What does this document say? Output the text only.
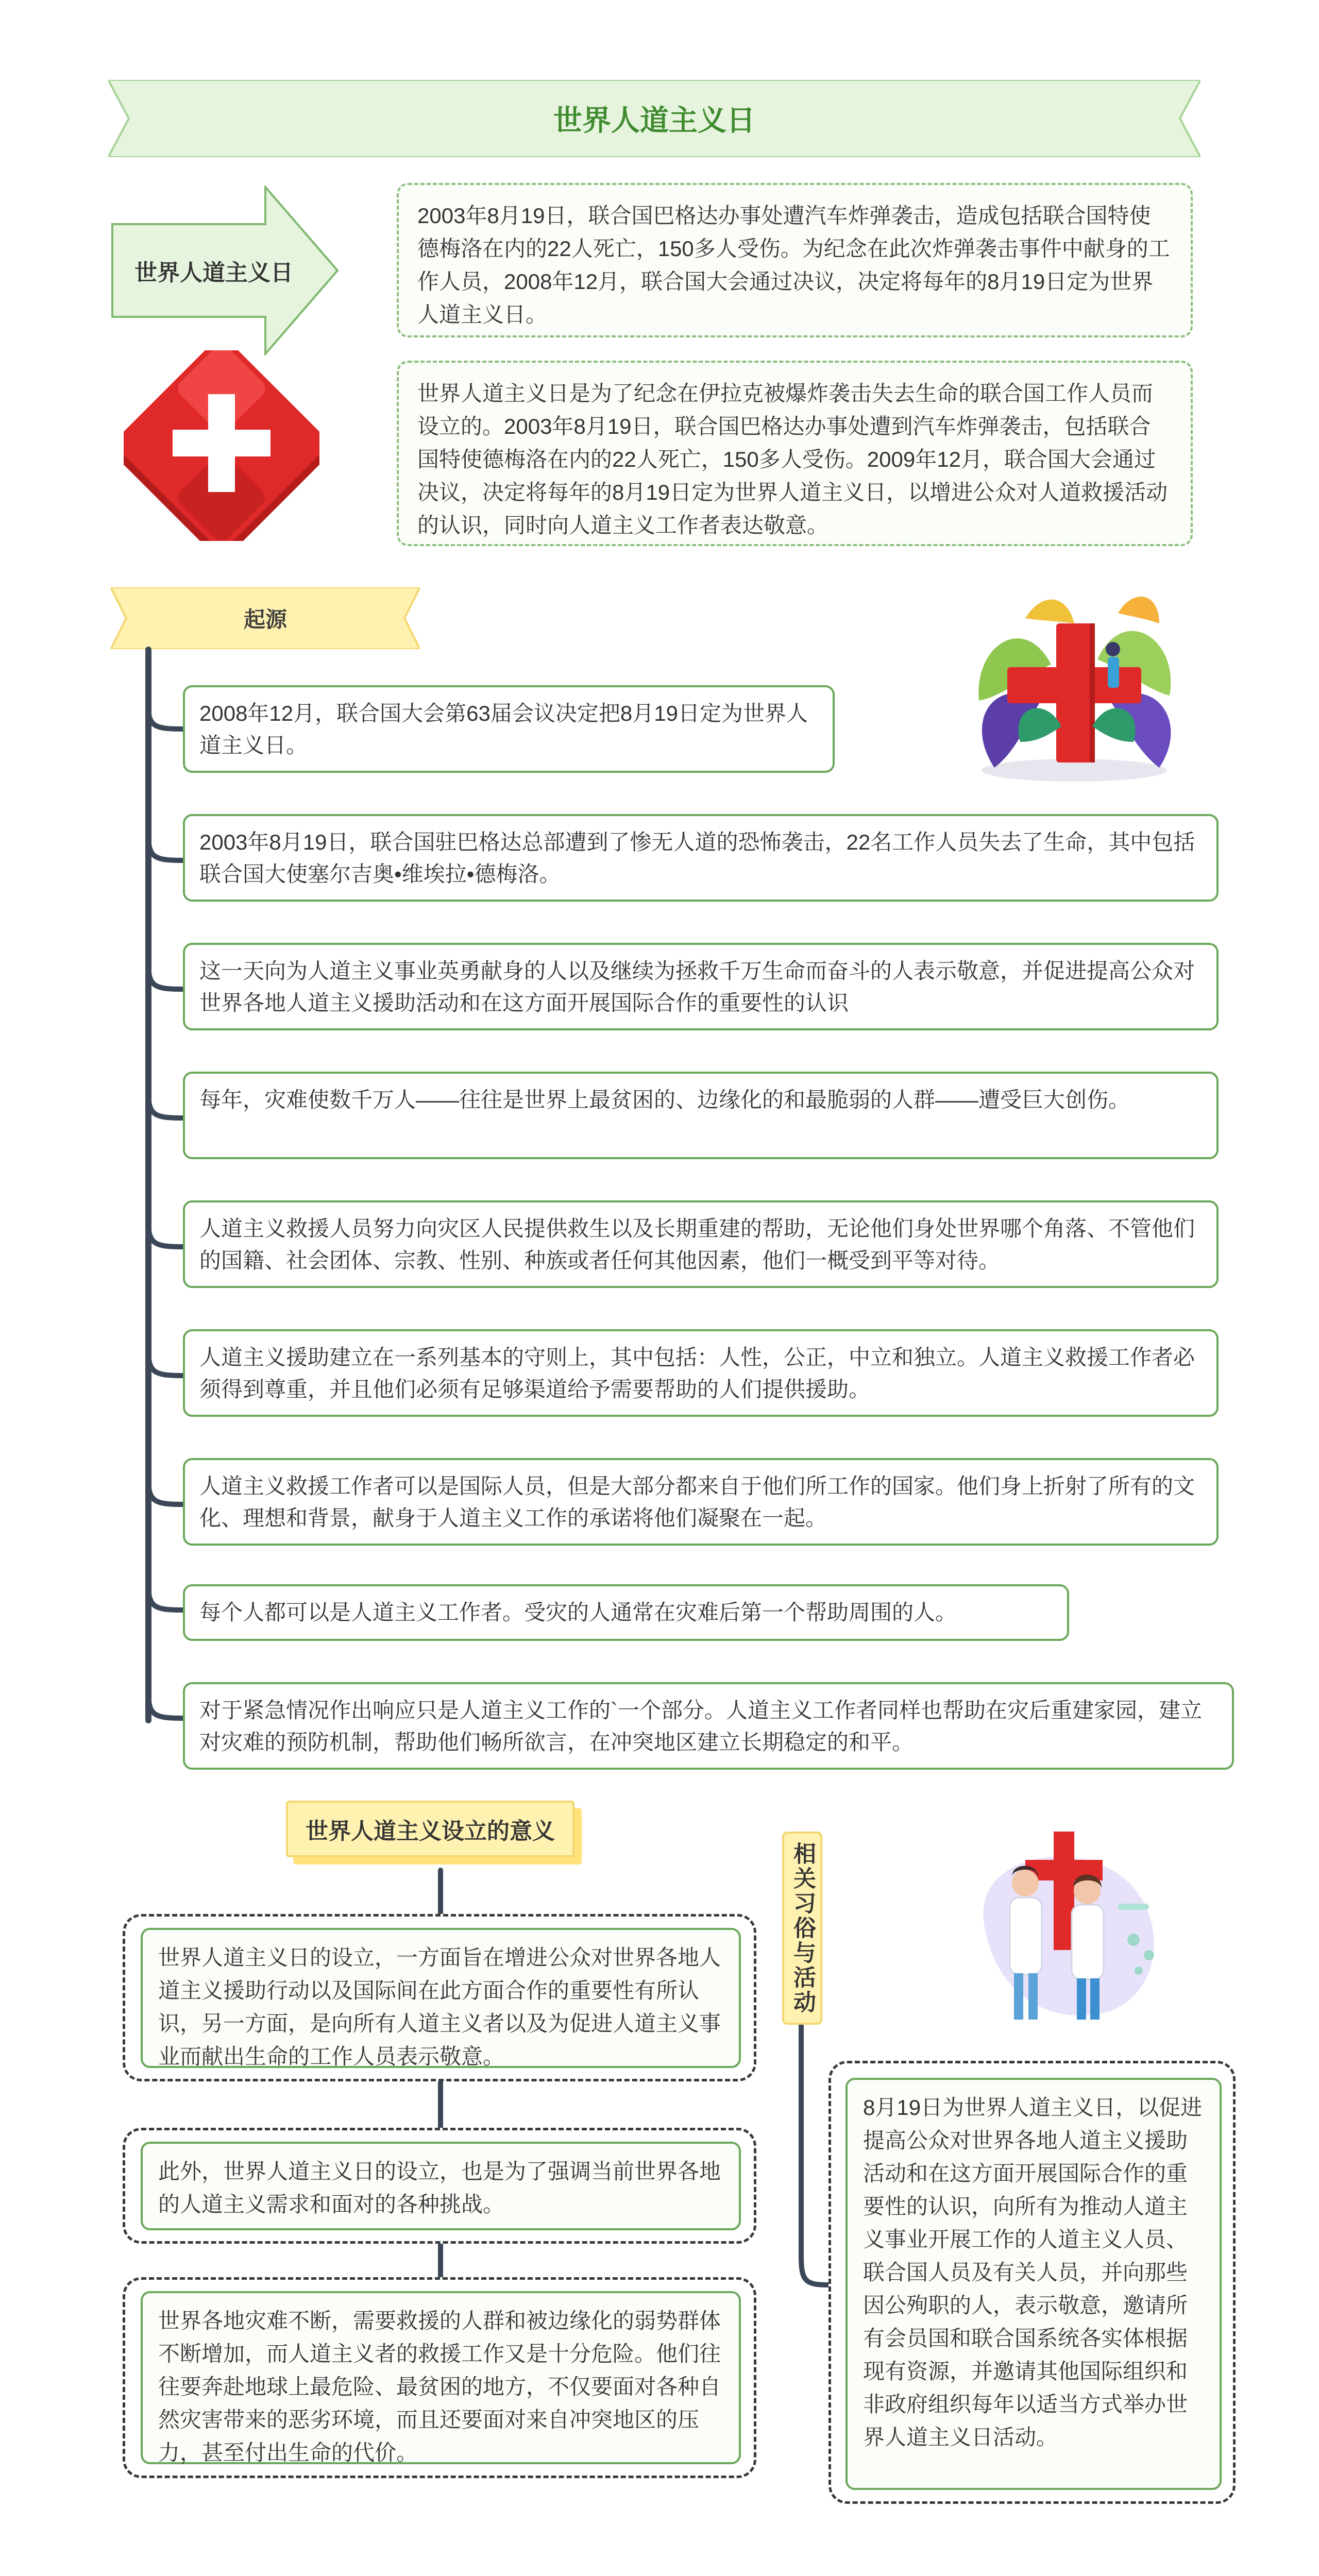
世界人道主义日
世界人道主义日
2003年8月19日，联合国巴格达办事处遭汽车炸弹袭击，造成包括联合国特使德梅洛在内的22人死亡，150多人受伤。为纪念在此次炸弹袭击事件中献身的工作人员，2008年12月，联合国大会通过决议，决定将每年的8月19日定为世界人道主义日。
世界人道主义日是为了纪念在伊拉克被爆炸袭击失去生命的联合国工作人员而设立的。2003年8月19日，联合国巴格达办事处遭到汽车炸弹袭击，包括联合国特使德梅洛在内的22人死亡，150多人受伤。2009年12月，联合国大会通过决议，决定将每年的8月19日定为世界人道主义日，以增进公众对人道救援活动的认识，同时向人道主义工作者表达敬意。
起源
2008年12月，联合国大会第63届会议决定把8月19日定为世界人道主义日。
2003年8月19日，联合国驻巴格达总部遭到了惨无人道的恐怖袭击，22名工作人员失去了生命，其中包括联合国大使塞尔吉奥•维埃拉•德梅洛。
这一天向为人道主义事业英勇献身的人以及继续为拯救千万生命而奋斗的人表示敬意，并促进提高公众对世界各地人道主义援助活动和在这方面开展国际合作的重要性的认识
每年，灾难使数千万人——往往是世界上最贫困的、边缘化的和最脆弱的人群——遭受巨大创伤。
人道主义救援人员努力向灾区人民提供救生以及长期重建的帮助，无论他们身处世界哪个角落、不管他们的国籍、社会团体、宗教、性别、种族或者任何其他因素，他们一概受到平等对待。
人道主义援助建立在一系列基本的守则上，其中包括：人性，公正，中立和独立。人道主义救援工作者必须得到尊重，并且他们必须有足够渠道给予需要帮助的人们提供援助。
人道主义救援工作者可以是国际人员，但是大部分都来自于他们所工作的国家。他们身上折射了所有的文化、理想和背景，献身于人道主义工作的承诺将他们凝聚在一起。
每个人都可以是人道主义工作者。受灾的人通常在灾难后第一个帮助周围的人。
对于紧急情况作出响应只是人道主义工作的`一个部分。人道主义工作者同样也帮助在灾后重建家园，建立对灾难的预防机制，帮助他们畅所欲言，在冲突地区建立长期稳定的和平。
世界人道主义设立的意义
世界人道主义日的设立，一方面旨在增进公众对世界各地人道主义援助行动以及国际间在此方面合作的重要性有所认识，另一方面，是向所有人道主义者以及为促进人道主义事业而献出生命的工作人员表示敬意。
此外，世界人道主义日的设立，也是为了强调当前世界各地的人道主义需求和面对的各种挑战。
世界各地灾难不断，需要救援的人群和被边缘化的弱势群体不断增加，而人道主义者的救援工作又是十分危险。他们往往要奔赴地球上最危险、最贫困的地方，不仅要面对各种自然灾害带来的恶劣环境，而且还要面对来自冲突地区的压力，甚至付出生命的代价。
相关习俗与活动
8月19日为世界人道主义日，以促进提高公众对世界各地人道主义援助活动和在这方面开展国际合作的重要性的认识，向所有为推动人道主义事业开展工作的人道主义人员、联合国人员及有关人员，并向那些因公殉职的人，表示敬意，邀请所有会员国和联合国系统各实体根据现有资源，并邀请其他国际组织和非政府组织每年以适当方式举办世界人道主义日活动。
